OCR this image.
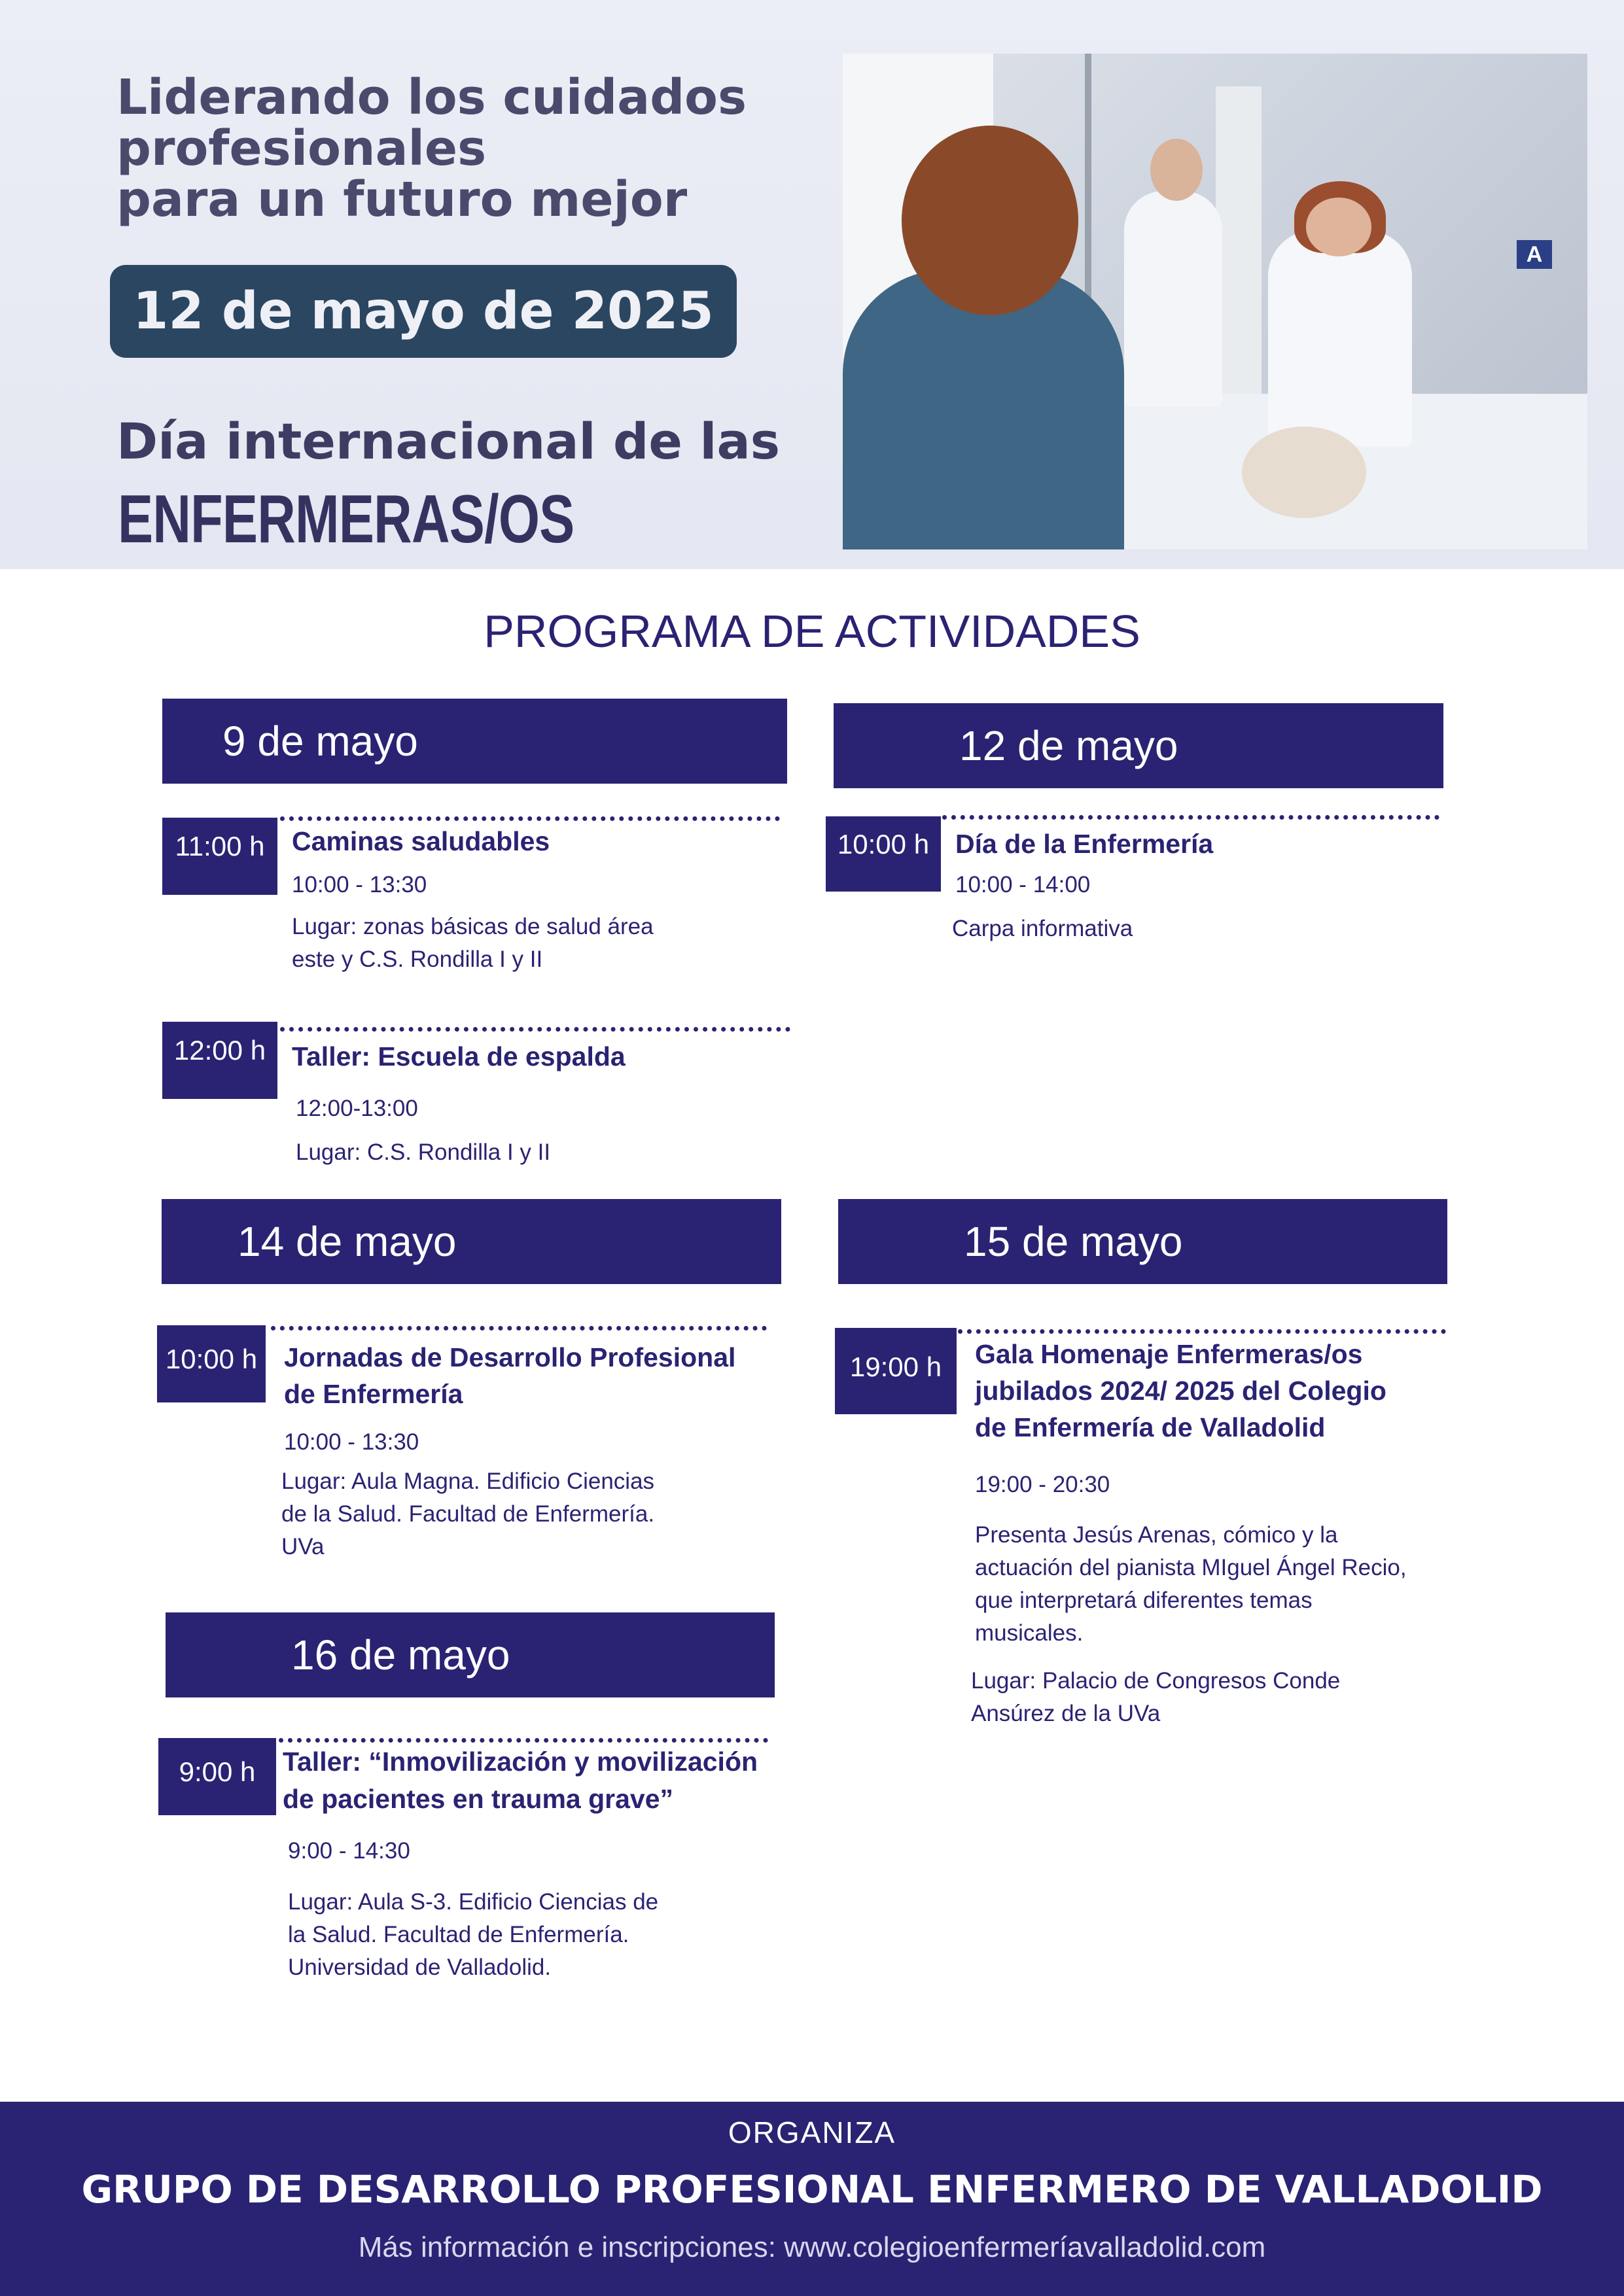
Liderando los cuidados
profesionales
para un futuro mejor
12 de mayo de 2025
Día internacional de las
ENFERMERAS/OS
A
PROGRAMA DE ACTIVIDADES
9 de mayo
11:00 h	Caminas saludables
10:00 - 13:30
Lugar: zonas básicas de salud área
este y C.S. Rondilla I y II
12:00 h Taller: Escuela de espalda
12:00-13:00
Lugar: C.S. Rondilla I y II
12 de mayo
10:00 h Día de la Enfermería
10:00 - 14:00
Carpa informativa
14 de mayo
10:00 h Jornadas de Desarrollo Profesional
de Enfermería
10:00 - 13:30
Lugar: Aula Magna. Edificio Ciencias
de la Salud. Facultad de Enfermería.
UVa
15 de mayo
19:00 h	Gala Homenaje Enfermeras/os
jubilados 2024/ 2025 del Colegio
de Enfermería de Valladolid
19:00 - 20:30
Presenta Jesús Arenas, cómico y la
actuación del pianista MIguel Ángel Recio,
que interpretará diferentes temas
musicales.
Lugar: Palacio de Congresos Conde
Ansúrez de la UVa
16 de mayo
9:00 h	Taller: “Inmovilización y movilización
de pacientes en trauma grave”
9:00 - 14:30
Lugar: Aula S-3. Edificio Ciencias de
la Salud. Facultad de Enfermería.
Universidad de Valladolid.
ORGANIZA
GRUPO DE DESARROLLO PROFESIONAL ENFERMERO DE VALLADOLID
Más información e inscripciones: www.colegioenfermeríavalladolid.com
